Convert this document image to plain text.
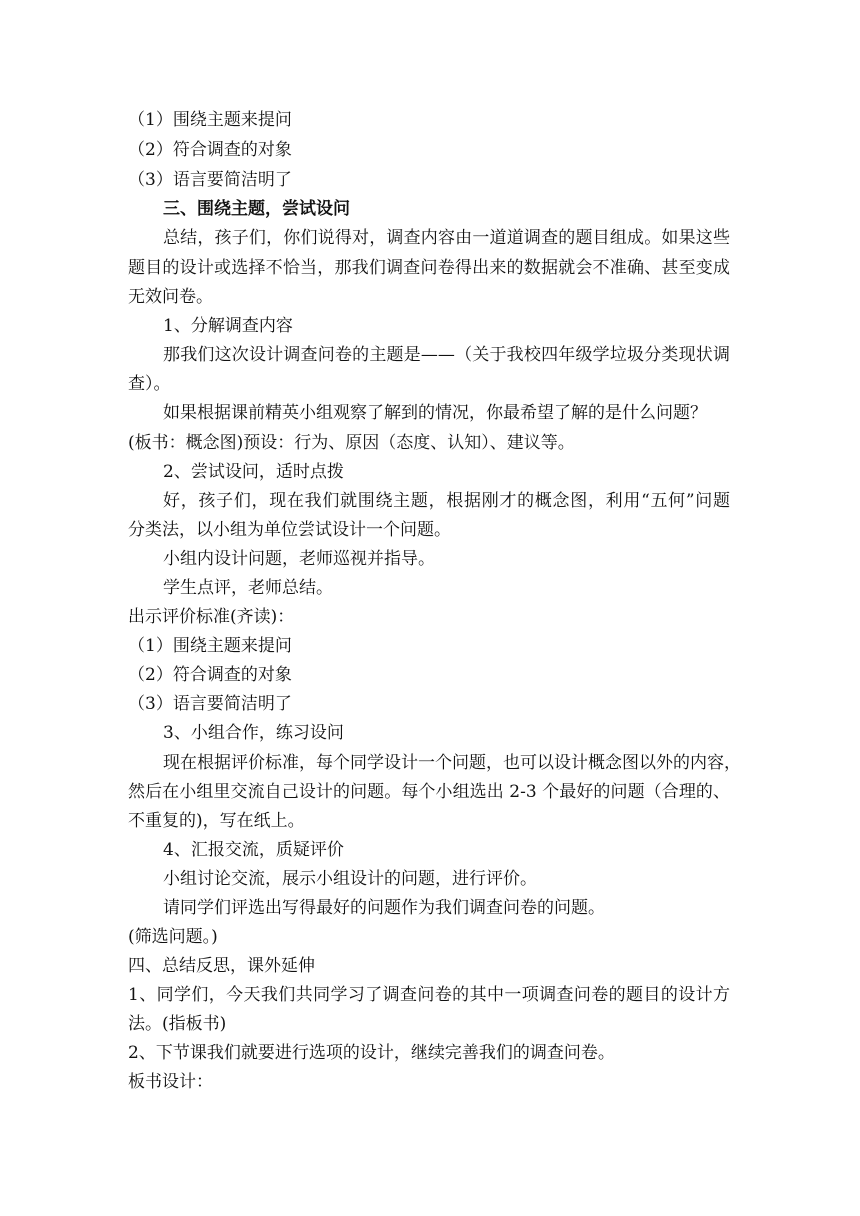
（1）围绕主题来提问
（2）符合调查的对象
（3）语言要简洁明了
三、围绕主题，尝试设问
总结，孩子们，你们说得对，调查内容由一道道调查的题目组成。如果这些
题目的设计或选择不恰当，那我们调查问卷得出来的数据就会不准确、甚至变成
无效问卷。
1、分解调查内容
那我们这次设计调查问卷的主题是——（关于我校四年级学垃圾分类现状调
查）。
如果根据课前精英小组观察了解到的情况，你最希望了解的是什么问题？
(板书：概念图)预设：行为、原因（态度、认知）、建议等。
2、尝试设问，适时点拨
好，孩子们，现在我们就围绕主题，根据刚才的概念图，利用“五何”问题
分类法，以小组为单位尝试设计一个问题。
小组内设计问题，老师巡视并指导。
学生点评，老师总结。
出示评价标准(齐读)：
（1）围绕主题来提问
（2）符合调查的对象
（3）语言要简洁明了
3、小组合作，练习设问
现在根据评价标准，每个同学设计一个问题，也可以设计概念图以外的内容，
然后在小组里交流自己设计的问题。每个小组选出 2-3 个最好的问题（合理的、
不重复的)，写在纸上。
4、汇报交流，质疑评价
小组讨论交流，展示小组设计的问题，进行评价。
请同学们评选出写得最好的问题作为我们调查问卷的问题。
(筛选问题。)
四、总结反思，课外延伸
1、同学们，今天我们共同学习了调查问卷的其中一项调查问卷的题目的设计方
法。(指板书)
2、下节课我们就要进行选项的设计，继续完善我们的调查问卷。
板书设计：
